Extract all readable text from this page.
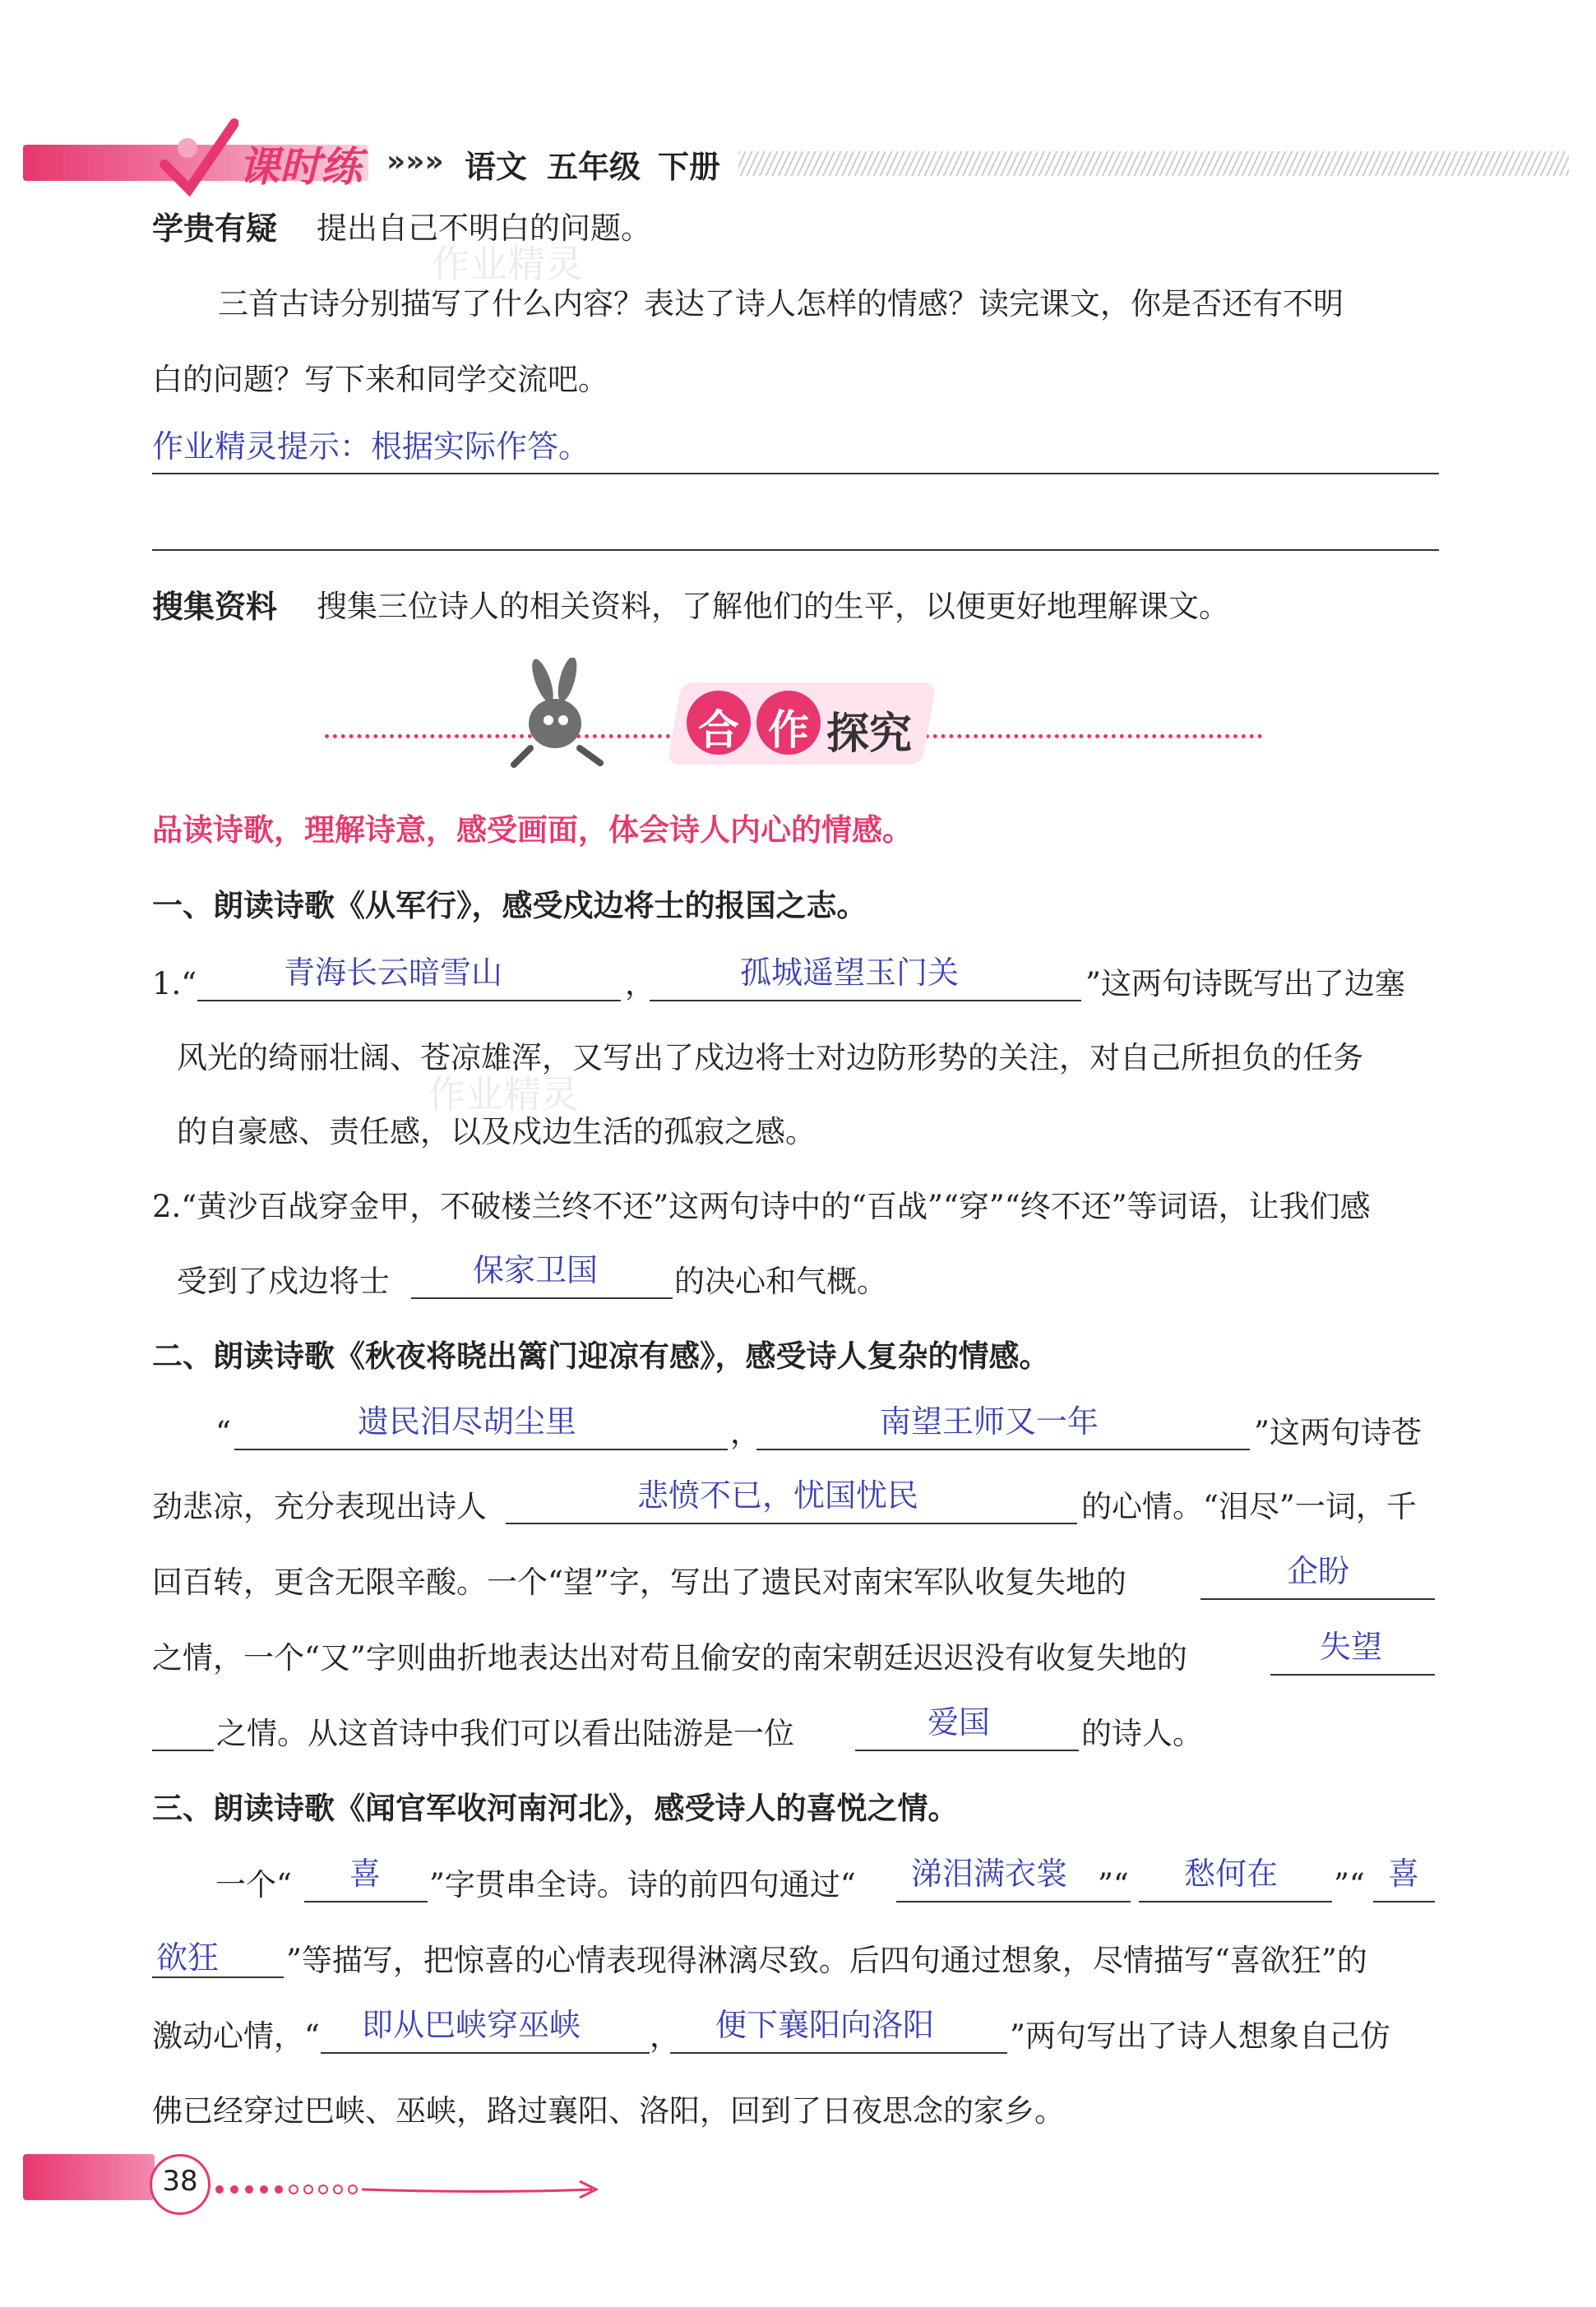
课时练 »»» 语文 五年级 下册
学贵有疑 提出自己不明白的问题。
三首古诗分别描写了什么内容？表达了诗人怎样的情感？读完课文，你是否还有不明
白的问题？写下来和同学交流吧。
作业精灵提示：根据实际作答。
搜集资料 搜集三位诗人的相关资料，了解他们的生平，以便更好地理解课文。
合 作 探究
品读诗歌，理解诗意，感受画面，体会诗人内心的情感。
一、朗读诗歌《从军行》，感受戍边将士的报国之志。
1.“	青海长云暗雪山	，	孤城遥望玉门关	”这两句诗既写出了边塞
风光的绮丽壮阔、苍凉雄浑，又写出了戍边将士对边防形势的关注，对自己所担负的任务
的自豪感、责任感，以及戍边生活的孤寂之感。
2.“黄沙百战穿金甲，不破楼兰终不还”这两句诗中的“百战”“穿”“终不还”等词语，让我们感
受到了戍边将士	保家卫国	的决心和气概。
二、朗读诗歌《秋夜将晓出篱门迎凉有感》，感受诗人复杂的情感。
“	遗民泪尽胡尘里	，	南望王师又一年	”这两句诗苍
劲悲凉，充分表现出诗人	悲愤不已，忧国忧民	的心情。“泪尽”一词，千
回百转，更含无限辛酸。一个“望”字，写出了遗民对南宋军队收复失地的	企盼
之情，一个“又”字则曲折地表达出对苟且偷安的南宋朝廷迟迟没有收复失地的	失望
之情。从这首诗中我们可以看出陆游是一位	爱国	的诗人。
三、朗读诗歌《闻官军收河南河北》，感受诗人的喜悦之情。
一个“ 喜 ”字贯串全诗。诗的前四句通过“ 涕泪满衣裳 ”“ 愁何在 ”“ 喜
欲狂 ”等描写，把惊喜的心情表现得淋漓尽致。后四句通过想象，尽情描写“喜欲狂”的
激动心情，“ 即从巴峡穿巫峡 ， 便下襄阳向洛阳 ”两句写出了诗人想象自己仿
佛已经穿过巴峡、巫峡，路过襄阳、洛阳，回到了日夜思念的家乡。
作业精灵
作业精灵
38
